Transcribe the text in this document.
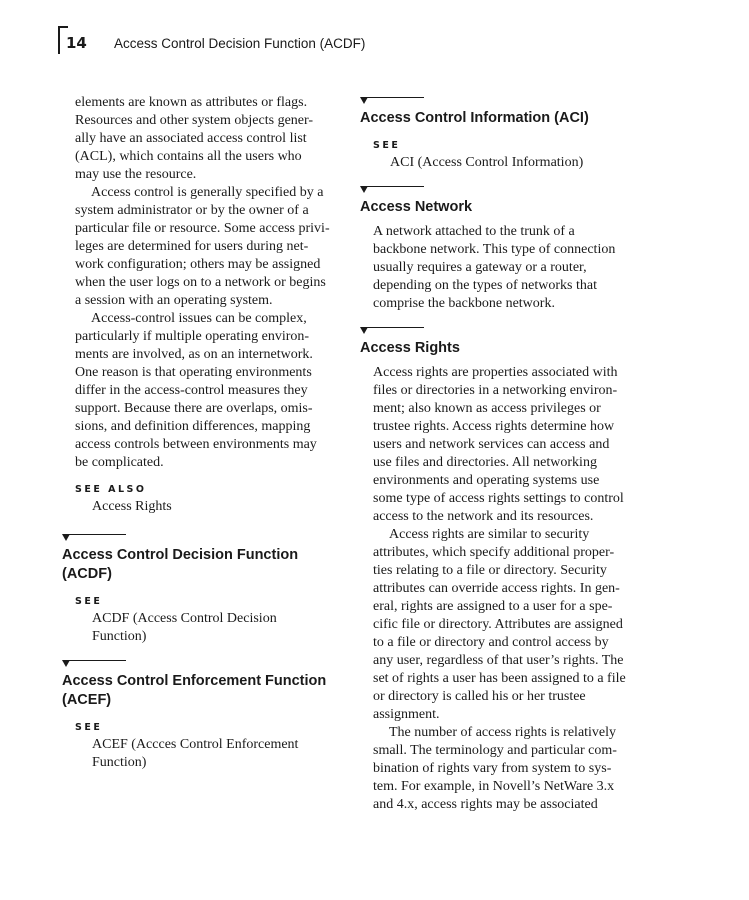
14 Access Control Decision Function (ACDF)

elements are known as attributes or flags.

Resources and other system objects gener-

ally have an associated access control list

(ACL), which contains all the users who

may use the resource.

Access control is generally specified by a

system administrator or by the owner of a

particular file or resource. Some access privi-

leges are determined for users during net-

work configuration; others may be assigned

when the user logs on to a network or begins

a session with an operating system.

Access-control issues can be complex,

particularly if multiple operating environ-

ments are involved, as on an internetwork.

One reason is that operating environments

differ in the access-control measures they

support. Because there are overlaps, omis-

sions, and definition differences, mapping

access controls between environments may

be complicated.

SEE ALSO

Access Rights

Access Control Decision Function
(ACDF)
SEE

ACDF (Access Control Decision

Function)

Access Control Enforcement Function
(ACEF)
SEE

ACEF (Accces Control Enforcement

Function)

Access Control Information (ACI)
SEE

ACI (Access Control Information)

Access Network

A network attached to the trunk of a

backbone network. This type of connection

usually requires a gateway or a router,

depending on the types of networks that

comprise the backbone network.

Access Rights

Access rights are properties associated with

files or directories in a networking environ-

ment; also known as access privileges or

trustee rights. Access rights determine how

users and network services can access and

use files and directories. All networking

environments and operating systems use

some type of access rights settings to control

access to the network and its resources.

Access rights are similar to security

attributes, which specify additional proper-

ties relating to a file or directory. Security

attributes can override access rights. In gen-

eral, rights are assigned to a user for a spe-

cific file or directory. Attributes are assigned

to a file or directory and control access by

any user, regardless of that user’s rights. The

set of rights a user has been assigned to a file

or directory is called his or her trustee

assignment.

The number of access rights is relatively

small. The terminology and particular com-

bination of rights vary from system to sys-

tem. For example, in Novell’s NetWare 3.x

and 4.x, access rights may be associated
